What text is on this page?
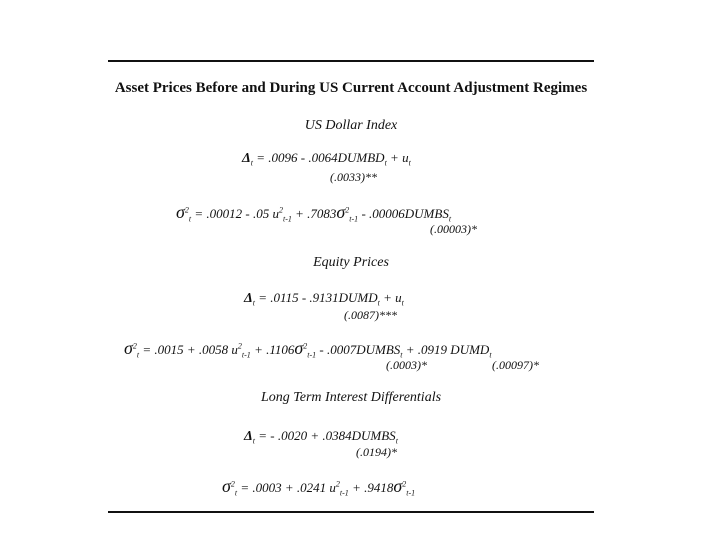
Asset Prices Before and During US Current Account Adjustment Regimes
US Dollar Index
$\Delta_t = .0096$ - $.0064DUMBD_t + u_t$
(.0033)**
$\sigma^2_t = .00012 - .05$ $u^2_{t-1} + .7083\sigma^2_{t-1}$ - $.00006DUMBS_t$
(.00003)*
Equity Prices
$\Delta_t = .0115$ - $.9131DUMD_t + u_t$
(.0087)***
$\sigma^2_t = .0015 + .0058$ $u^2_{t-1} + .1106\sigma^2_{t-1}$ - $.0007DUMBS_t + .0919$ $DUMD_t$
(.0003)*	(.00097)*
Long Term Interest Differentials
$\Delta_t$ = - $.0020 + .0384DUMBS_t$
(.0194)*
$\sigma^2_t = .0003 + .0241$ $u^2_{t-1} + .9418\sigma^2_{t-1}$
